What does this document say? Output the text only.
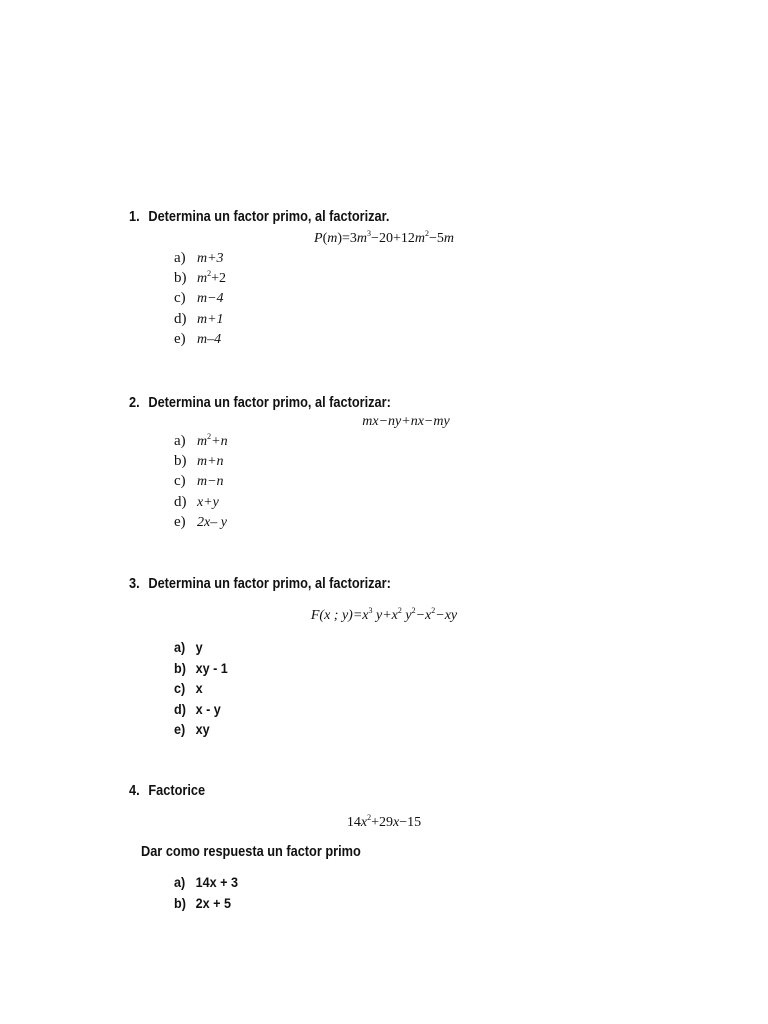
1. Determina un factor primo, al factorizar.
$P(m)=3m^3-20+12m^2-5m$
a) m+3
b) $m^2+2$
c) m−4
d) m+1
e) m–4
2. Determina un factor primo, al factorizar:
mx−ny+nx−my
a) $m^2+n$
b) m+n
c) m−n
d) x+y
e) 2x– y
3. Determina un factor primo, al factorizar:
F(x ; $y)=x^3$ $y+x^2$ $y^2-x^2-xy$
a) y
b) xy - 1
c) x
d) x - y
e) xy
4. Factorice
$14x^2+29x-15$
Dar como respuesta un factor primo
a) 14x + 3
b) 2x + 5
